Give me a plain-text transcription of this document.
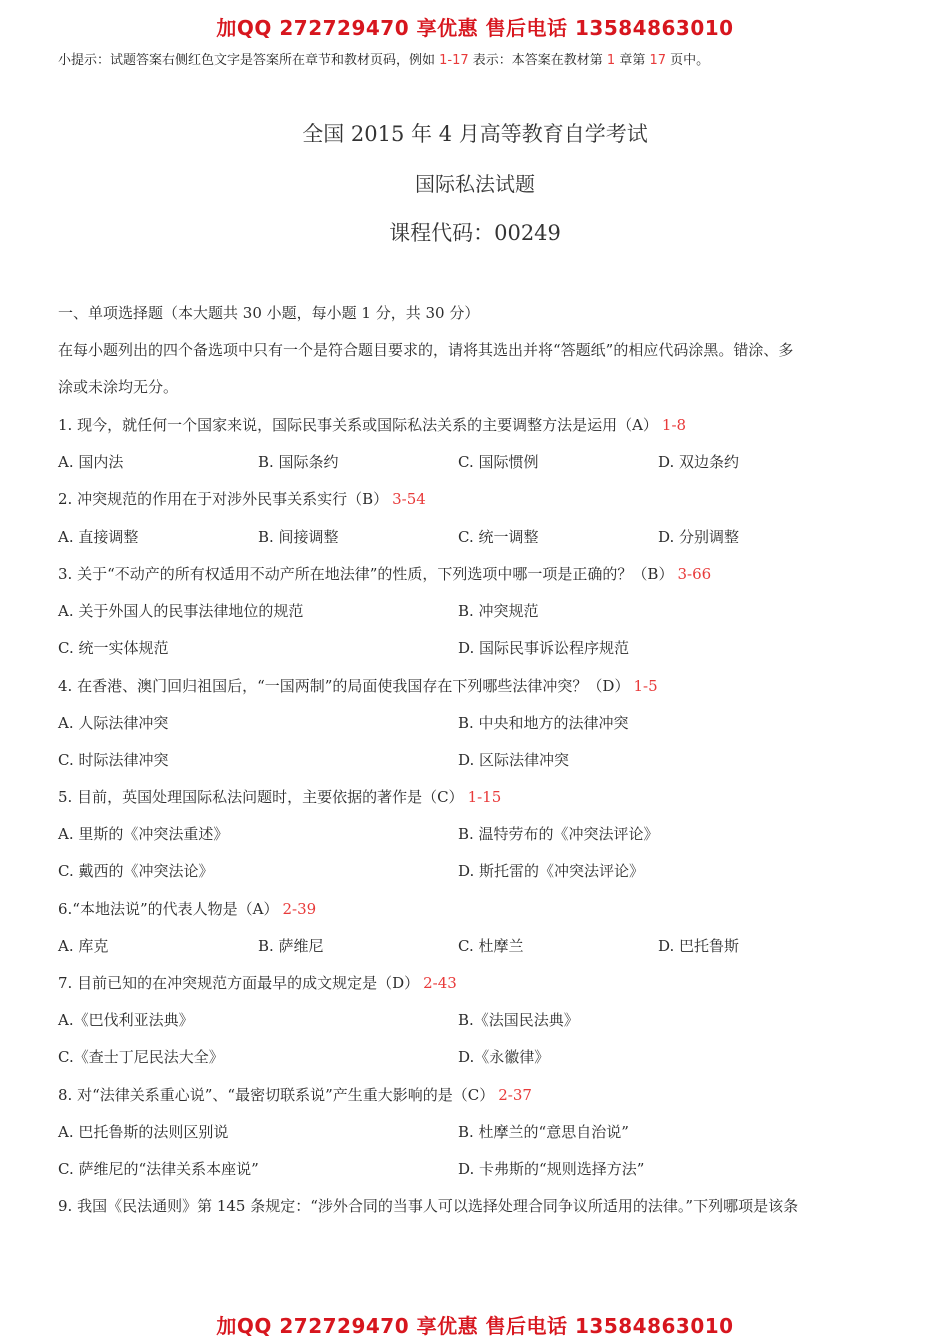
加QQ 272729470 享优惠 售后电话 13584863010
小提示：试题答案右侧红色文字是答案所在章节和教材页码，例如 1-17 表示：本答案在教材第 1 章第 17 页中。
全国 2015 年 4 月高等教育自学考试
国际私法试题
课程代码：00249
一、单项选择题（本大题共 30 小题，每小题 1 分，共 30 分）
在每小题列出的四个备选项中只有一个是符合题目要求的，请将其选出并将“答题纸”的相应代码涂黑。错涂、多
涂或未涂均无分。
1. 现今，就任何一个国家来说，国际民事关系或国际私法关系的主要调整方法是运用（A） 1-8
A. 国内法	B. 国际条约	C. 国际惯例	D. 双边条约
2. 冲突规范的作用在于对涉外民事关系实行（B） 3-54
A. 直接调整	B. 间接调整	C. 统一调整	D. 分别调整
3. 关于“不动产的所有权适用不动产所在地法律”的性质，下列选项中哪一项是正确的？（B） 3-66
A. 关于外国人的民事法律地位的规范	B. 冲突规范
C. 统一实体规范	D. 国际民事诉讼程序规范
4. 在香港、澳门回归祖国后，“一国两制”的局面使我国存在下列哪些法律冲突？（D） 1-5
A. 人际法律冲突	B. 中央和地方的法律冲突
C. 时际法律冲突	D. 区际法律冲突
5. 目前，英国处理国际私法问题时，主要依据的著作是（C） 1-15
A. 里斯的《冲突法重述》	B. 温特劳布的《冲突法评论》
C. 戴西的《冲突法论》	D. 斯托雷的《冲突法评论》
6.“本地法说”的代表人物是（A） 2-39
A. 库克	B. 萨维尼	C. 杜摩兰	D. 巴托鲁斯
7. 目前已知的在冲突规范方面最早的成文规定是（D） 2-43
A.《巴伐利亚法典》	B.《法国民法典》
C.《查士丁尼民法大全》	D.《永徽律》
8. 对“法律关系重心说”、“最密切联系说”产生重大影响的是（C） 2-37
A. 巴托鲁斯的法则区别说	B. 杜摩兰的“意思自治说”
C. 萨维尼的“法律关系本座说”	D. 卡弗斯的“规则选择方法”
9. 我国《民法通则》第 145 条规定：“涉外合同的当事人可以选择处理合同争议所适用的法律。”下列哪项是该条
加QQ 272729470 享优惠 售后电话 13584863010
